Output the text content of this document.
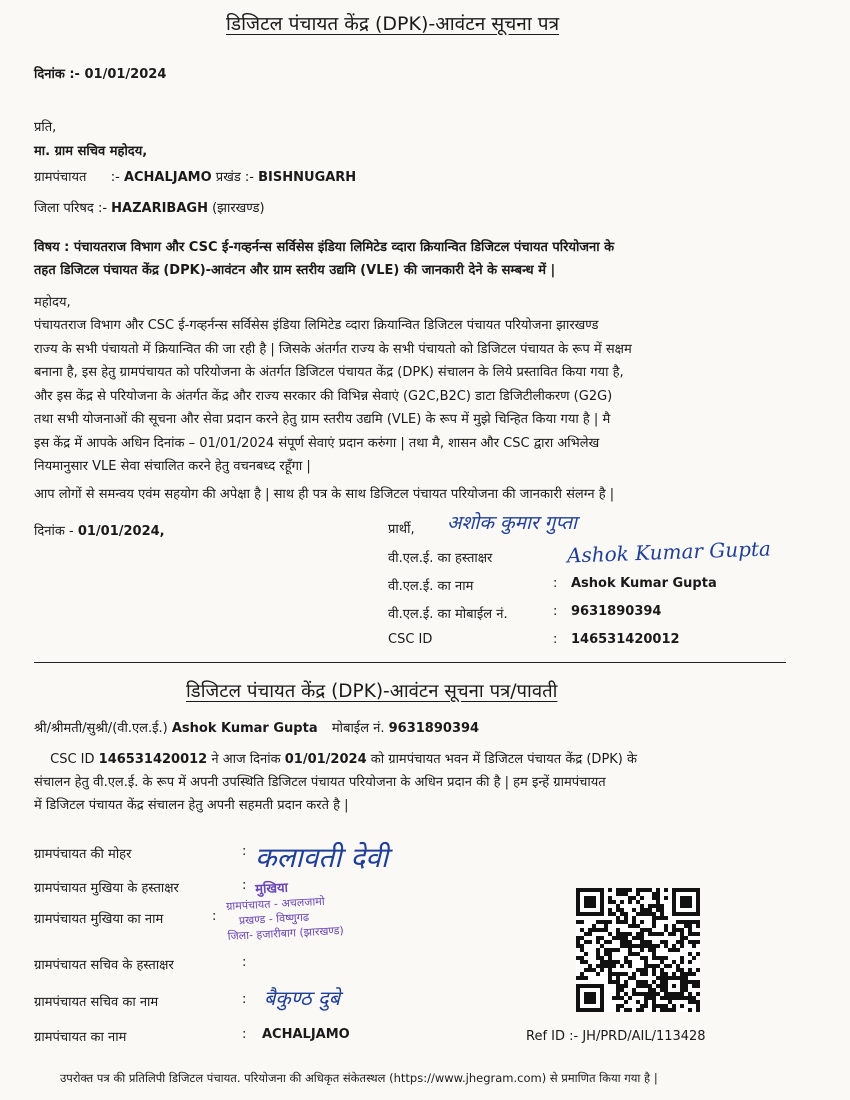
डिजिटल पंचायत केंद्र (DPK)-आवंटन सूचना पत्र
दिनांक :- 01/01/2024
प्रति,
मा. ग्राम सचिव महोदय,
ग्रामपंचायत :- ACHALJAMO प्रखंड :- BISHNUGARH
जिला परिषद :- HAZARIBAGH (झारखण्ड)
विषय : पंचायतराज विभाग और CSC ई-गव्हर्नन्स सर्विसेस इंडिया लिमिटेड व्दारा क्रियान्वित डिजिटल पंचायत परियोजना के
तहत डिजिटल पंचायत केंद्र (DPK)-आवंटन और ग्राम स्तरीय उद्यमि (VLE) की जानकारी देने के सम्बन्ध में |
महोदय,

पंचायतराज विभाग और CSC ई-गव्हर्नन्स सर्विसेस इंडिया लिमिटेड व्दारा क्रियान्वित डिजिटल पंचायत परियोजना झारखण्ड

राज्य के सभी पंचायतो में क्रियान्वित की जा रही है | जिसके अंतर्गत राज्य के सभी पंचायतो को डिजिटल पंचायत के रूप में सक्षम

बनाना है, इस हेतु ग्रामपंचायत को परियोजना के अंतर्गत डिजिटल पंचायत केंद्र (DPK) संचालन के लिये प्रस्तावित किया गया है,

और इस केंद्र से परियोजना के अंतर्गत केंद्र और राज्य सरकार की विभिन्न सेवाएं (G2C,B2C) डाटा डिजिटीलीकरण (G2G)

तथा सभी योजनाओं की सूचना और सेवा प्रदान करने हेतु ग्राम स्तरीय उद्यमि (VLE) के रूप में मुझे चिन्हित किया गया है | मै

इस केंद्र में आपके अधिन दिनांक – 01/01/2024 संपूर्ण सेवाएं प्रदान करुंगा | तथा मै, शासन और CSC द्वारा अभिलेख

नियमानुसार VLE सेवा संचालित करने हेतु वचनबध्द रहूँगा |

आप लोगों से समन्वय एवंम सहयोग की अपेक्षा है | साथ ही पत्र के साथ डिजिटल पंचायत परियोजना की जानकारी संलग्न है |
दिनांक - 01/01/2024,	प्रार्थी, अशोक कुमार गुप्ता
वी.एल.ई. का हस्ताक्षर	Ashok Kumar Gupta
वी.एल.ई. का नाम	: Ashok Kumar Gupta
वी.एल.ई. का मोबाईल नं.	: 9631890394
CSC ID	: 146531420012
डिजिटल पंचायत केंद्र (DPK)-आवंटन सूचना पत्र/पावती
श्री/श्रीमती/सुश्री/(वी.एल.ई.) Ashok Kumar Gupta मोबाईल नं. 9631890394
CSC ID 146531420012 ने आज दिनांक 01/01/2024 को ग्रामपंचायत भवन में डिजिटल पंचायत केंद्र (DPK) के
संचालन हेतु वी.एल.ई. के रूप में अपनी उपस्थिति डिजिटल पंचायत परियोजना के अधिन प्रदान की है | हम इन्हें ग्रामपंचायत
में डिजिटल पंचायत केंद्र संचालन हेतु अपनी सहमती प्रदान करते है |
ग्रामपंचायत की मोहर	: कलावती देवी
ग्रामपंचायत मुखिया के हस्ताक्षर	:
ग्रामपंचायत मुखिया का नाम	:
मुखिया
ग्रामपंचायत - अचलजामो
प्रखण्ड - विष्णुगढ
जिला- हजारीबाग (झारखण्ड)
ग्रामपंचायत सचिव के हस्ताक्षर	:
ग्रामपंचायत सचिव का नाम	: बैकुण्ठ दुबे
ग्रामपंचायत का नाम	: ACHALJAMO	Ref ID :- JH/PRD/AIL/113428
उपरोक्त पत्र की प्रतिलिपी डिजिटल पंचायत. परियोजना की अधिकृत संकेतस्थल (https://www.jhegram.com) से प्रमाणित किया गया है |
